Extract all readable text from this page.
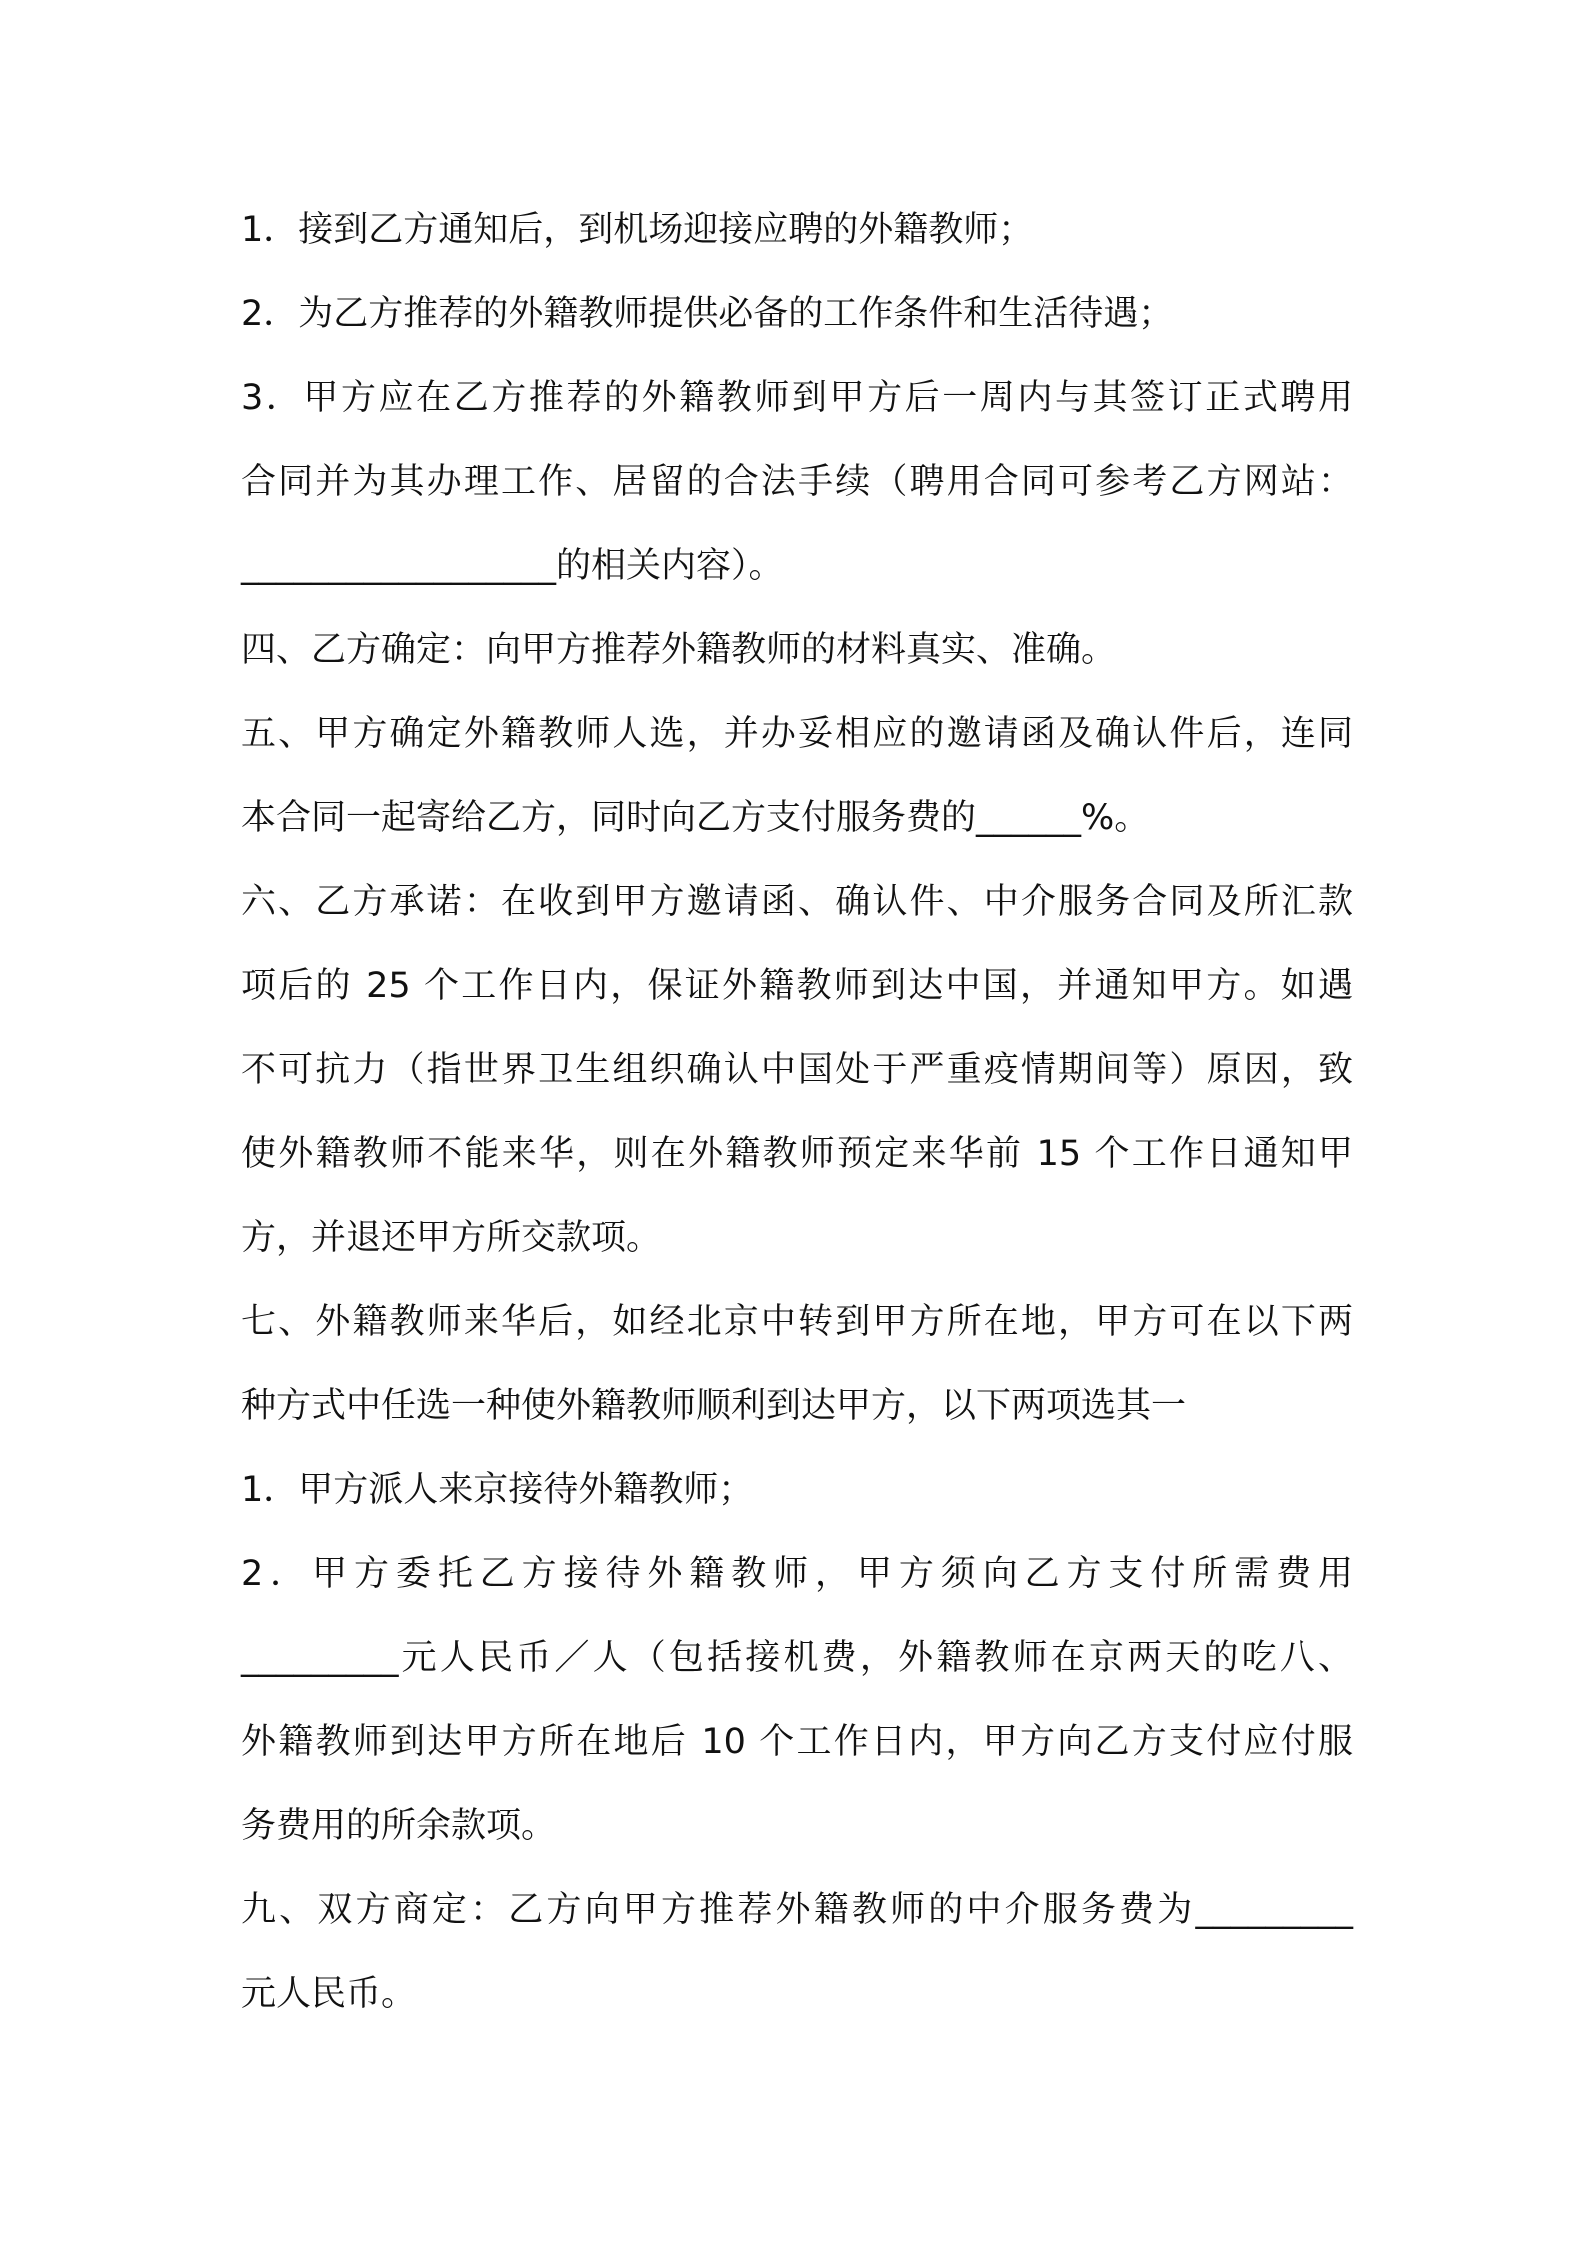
1．接到乙方通知后，到机场迎接应聘的外籍教师；
2．为乙方推荐的外籍教师提供必备的工作条件和生活待遇；
3．甲方应在乙方推荐的外籍教师到甲方后一周内与其签订正式聘用
合同并为其办理工作、居留的合法手续（聘用合同可参考乙方网站：
__________________的相关内容）。
四、乙方确定：向甲方推荐外籍教师的材料真实、准确。
五、甲方确定外籍教师人选，并办妥相应的邀请函及确认件后，连同
本合同一起寄给乙方，同时向乙方支付服务费的______%。
六、乙方承诺：在收到甲方邀请函、确认件、中介服务合同及所汇款
项后的 25 个工作日内，保证外籍教师到达中国，并通知甲方。如遇
不可抗力（指世界卫生组织确认中国处于严重疫情期间等）原因，致
使外籍教师不能来华，则在外籍教师预定来华前 15 个工作日通知甲
方，并退还甲方所交款项。
七、外籍教师来华后，如经北京中转到甲方所在地，甲方可在以下两
种方式中任选一种使外籍教师顺利到达甲方，以下两项选其一
1．甲方派人来京接待外籍教师；
2．甲方委托乙方接待外籍教师，甲方须向乙方支付所需费用
_________元人民币／人（包括接机费，外籍教师在京两天的吃八、
外籍教师到达甲方所在地后 10 个工作日内，甲方向乙方支付应付服
务费用的所余款项。
九、双方商定：乙方向甲方推荐外籍教师的中介服务费为_________
元人民币。
